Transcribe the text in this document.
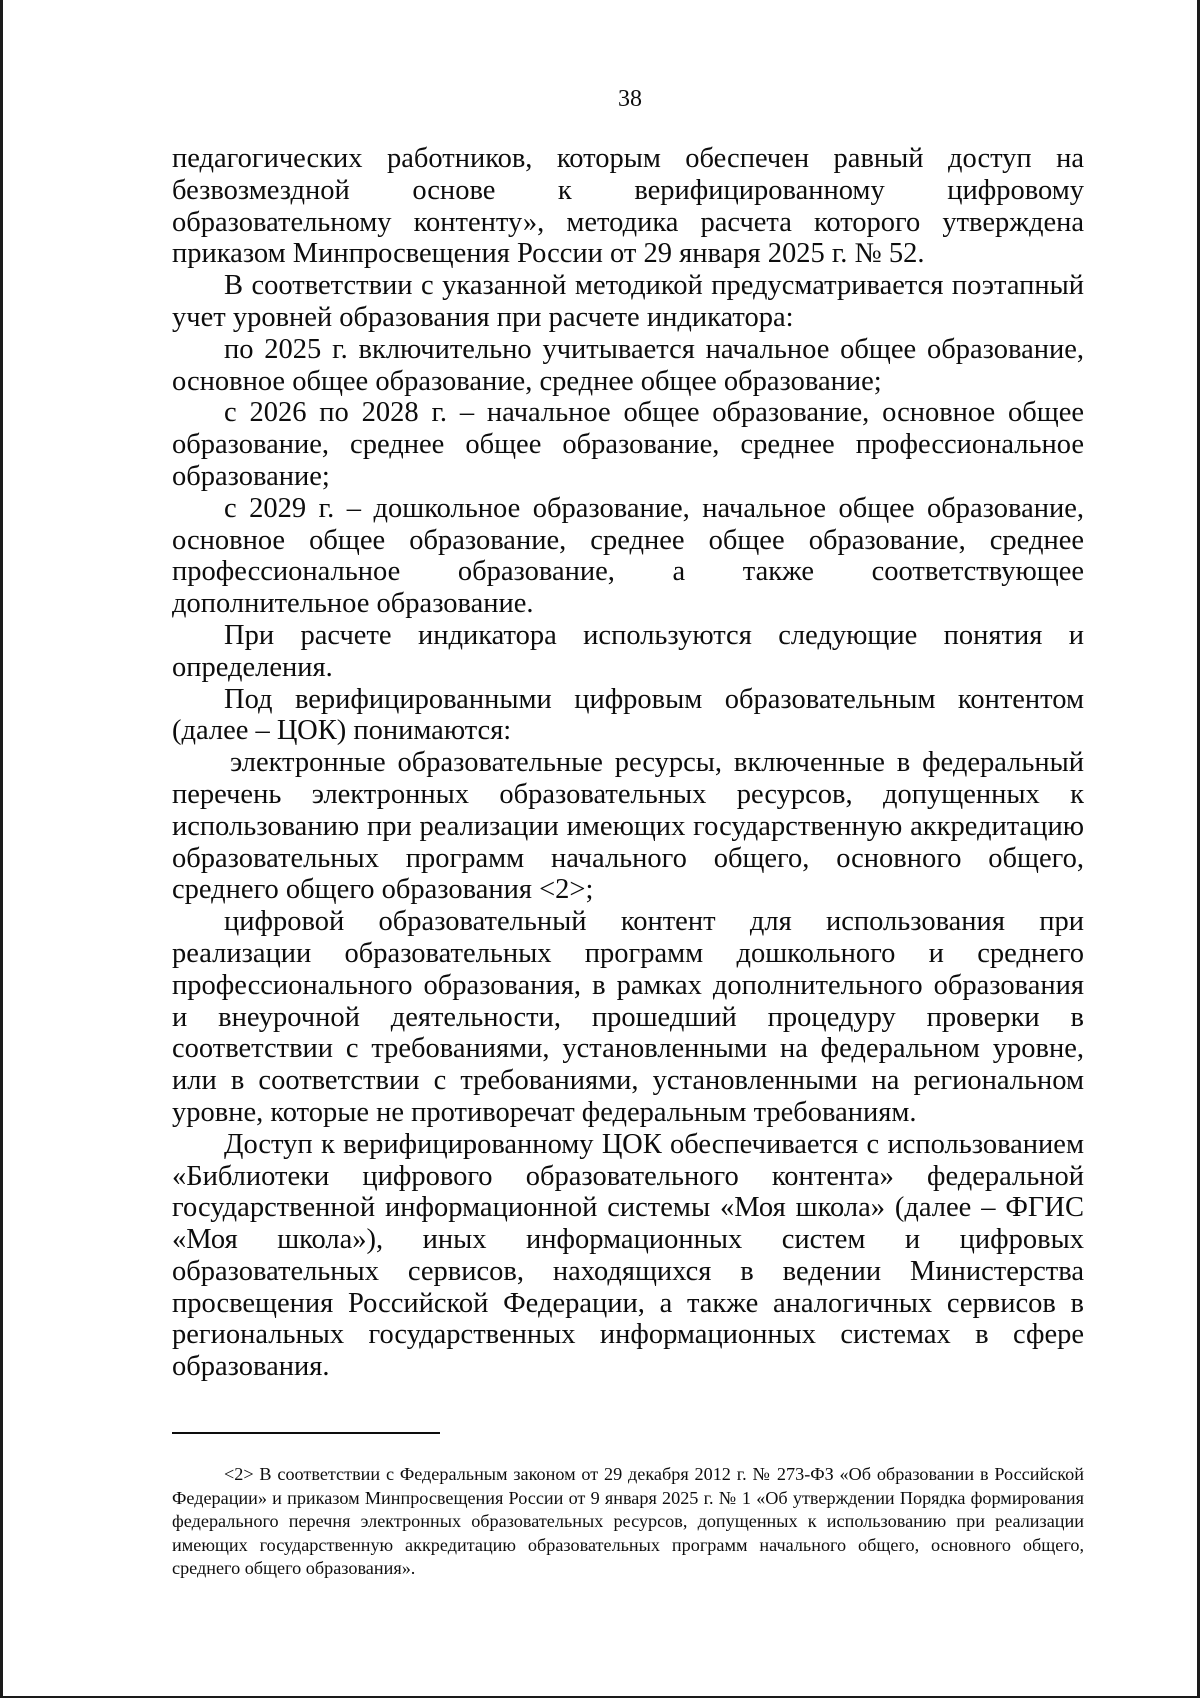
38

педагогических работников, которым обеспечен равный доступ на безвозмездной основе к верифицированному цифровому образовательному контенту», методика расчета которого утверждена приказом Минпросвещения России от 29 января 2025 г. № 52.

В соответствии с указанной методикой предусматривается поэтапный учет уровней образования при расчете индикатора:

по 2025 г. включительно учитывается начальное общее образование, основное общее образование, среднее общее образование;

с 2026 по 2028 г. – начальное общее образование, основное общее образование, среднее общее образование, среднее профессиональное образование;

с 2029 г. – дошкольное образование, начальное общее образование, основное общее образование, среднее общее образование, среднее профессиональное образование, а также соответствующее дополнительное образование.

При расчете индикатора используются следующие понятия и определения.

Под верифицированными цифровым образовательным контентом (далее – ЦОК) понимаются:

электронные образовательные ресурсы, включенные в федеральный перечень электронных образовательных ресурсов, допущенных к использованию при реализации имеющих государственную аккредитацию образовательных программ начального общего, основного общего, среднего общего образования <2>;

цифровой образовательный контент для использования при реализации образовательных программ дошкольного и среднего профессионального образования, в рамках дополнительного образования и внеурочной деятельности, прошедший процедуру проверки в соответствии с требованиями, установленными на федеральном уровне, или в соответствии с требованиями, установленными на региональном уровне, которые не противоречат федеральным требованиям.

Доступ к верифицированному ЦОК обеспечивается с использованием «Библиотеки цифрового образовательного контента» федеральной государственной информационной системы «Моя школа» (далее – ФГИС «Моя школа»), иных информационных систем и цифровых образовательных сервисов, находящихся в ведении Министерства просвещения Российской Федерации, а также аналогичных сервисов в региональных государственных информационных системах в сфере образования.

<2> В соответствии с Федеральным законом от 29 декабря 2012 г. № 273-ФЗ «Об образовании в Российской Федерации» и приказом Минпросвещения России от 9 января 2025 г. № 1 «Об утверждении Порядка формирования федерального перечня электронных образовательных ресурсов, допущенных к использованию при реализации имеющих государственную аккредитацию образовательных программ начального общего, основного общего, среднего общего образования».
